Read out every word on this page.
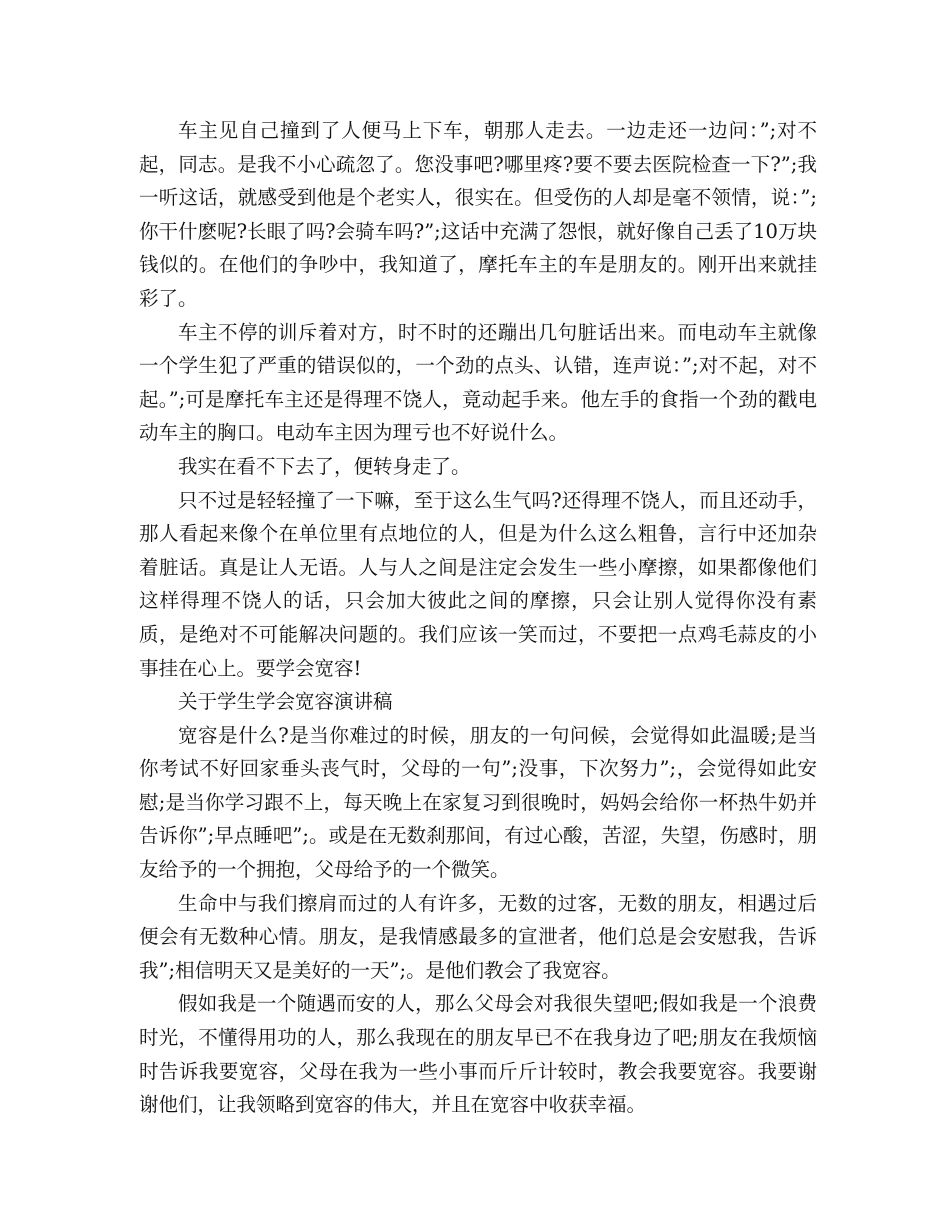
车主见自己撞到了人便马上下车，朝那人走去。一边走还一边问：”;对不起，同志。是我不小心疏忽了。您没事吧?哪里疼?要不要去医院检查一下?”;我一听这话，就感受到他是个老实人，很实在。但受伤的人却是毫不领情，说：”;你干什麽呢?长眼了吗?会骑车吗?”;这话中充满了怨恨，就好像自己丢了10万块钱似的。在他们的争吵中，我知道了，摩托车主的车是朋友的。刚开出来就挂彩了。

车主不停的训斥着对方，时不时的还蹦出几句脏话出来。而电动车主就像一个学生犯了严重的错误似的，一个劲的点头、认错，连声说：”;对不起，对不起。”;可是摩托车主还是得理不饶人，竟动起手来。他左手的食指一个劲的戳电动车主的胸口。电动车主因为理亏也不好说什么。

我实在看不下去了，便转身走了。

只不过是轻轻撞了一下嘛，至于这么生气吗?还得理不饶人，而且还动手，那人看起来像个在单位里有点地位的人，但是为什么这么粗鲁，言行中还加杂着脏话。真是让人无语。人与人之间是注定会发生一些小摩擦，如果都像他们这样得理不饶人的话，只会加大彼此之间的摩擦，只会让别人觉得你没有素质，是绝对不可能解决问题的。我们应该一笑而过，不要把一点鸡毛蒜皮的小事挂在心上。要学会宽容!

关于学生学会宽容演讲稿

宽容是什么?是当你难过的时候，朋友的一句问候，会觉得如此温暖;是当你考试不好回家垂头丧气时，父母的一句”;没事，下次努力”;，会觉得如此安慰;是当你学习跟不上，每天晚上在家复习到很晚时，妈妈会给你一杯热牛奶并告诉你”;早点睡吧”;。或是在无数刹那间，有过心酸，苦涩，失望，伤感时，朋友给予的一个拥抱，父母给予的一个微笑。

生命中与我们擦肩而过的人有许多，无数的过客，无数的朋友，相遇过后便会有无数种心情。朋友，是我情感最多的宣泄者，他们总是会安慰我，告诉我”;相信明天又是美好的一天”;。是他们教会了我宽容。

假如我是一个随遇而安的人，那么父母会对我很失望吧;假如我是一个浪费时光，不懂得用功的人，那么我现在的朋友早已不在我身边了吧;朋友在我烦恼时告诉我要宽容，父母在我为一些小事而斤斤计较时，教会我要宽容。我要谢谢他们，让我领略到宽容的伟大，并且在宽容中收获幸福。
